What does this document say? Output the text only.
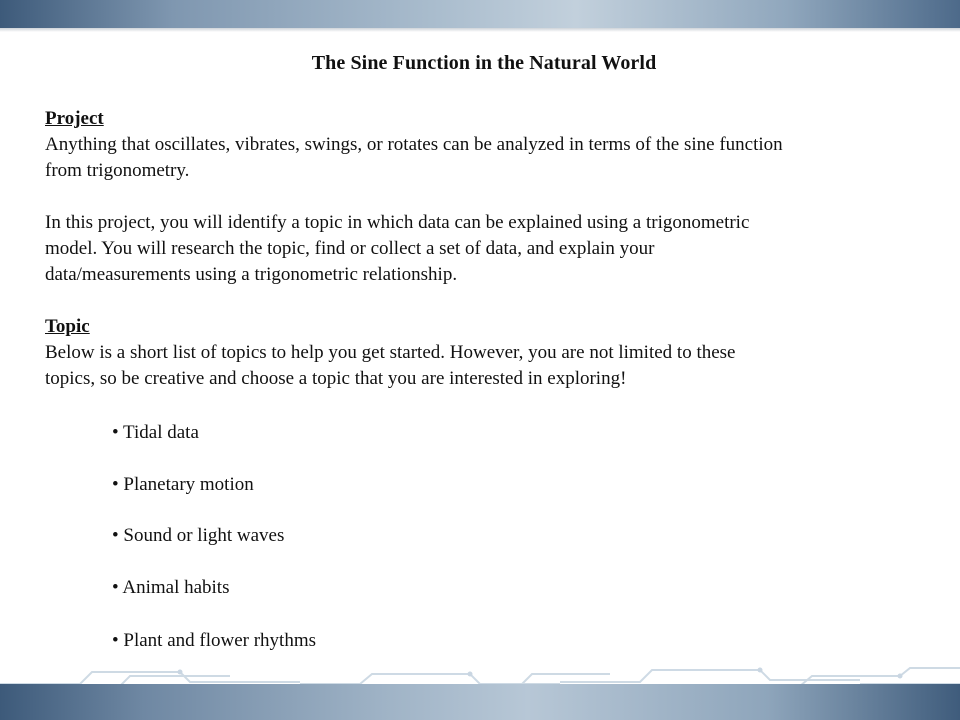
The Sine Function in the Natural World
Project
Anything that oscillates, vibrates, swings, or rotates can be analyzed in terms of the sine function
from trigonometry.
In this project, you will identify a topic in which data can be explained using a trigonometric
model. You will research the topic, find or collect a set of data, and explain your
data/measurements using a trigonometric relationship.
Topic
Below is a short list of topics to help you get started. However, you are not limited to these
topics, so be creative and choose a topic that you are interested in exploring!
• Tidal data
• Planetary motion
• Sound or light waves
• Animal habits
• Plant and flower rhythms
